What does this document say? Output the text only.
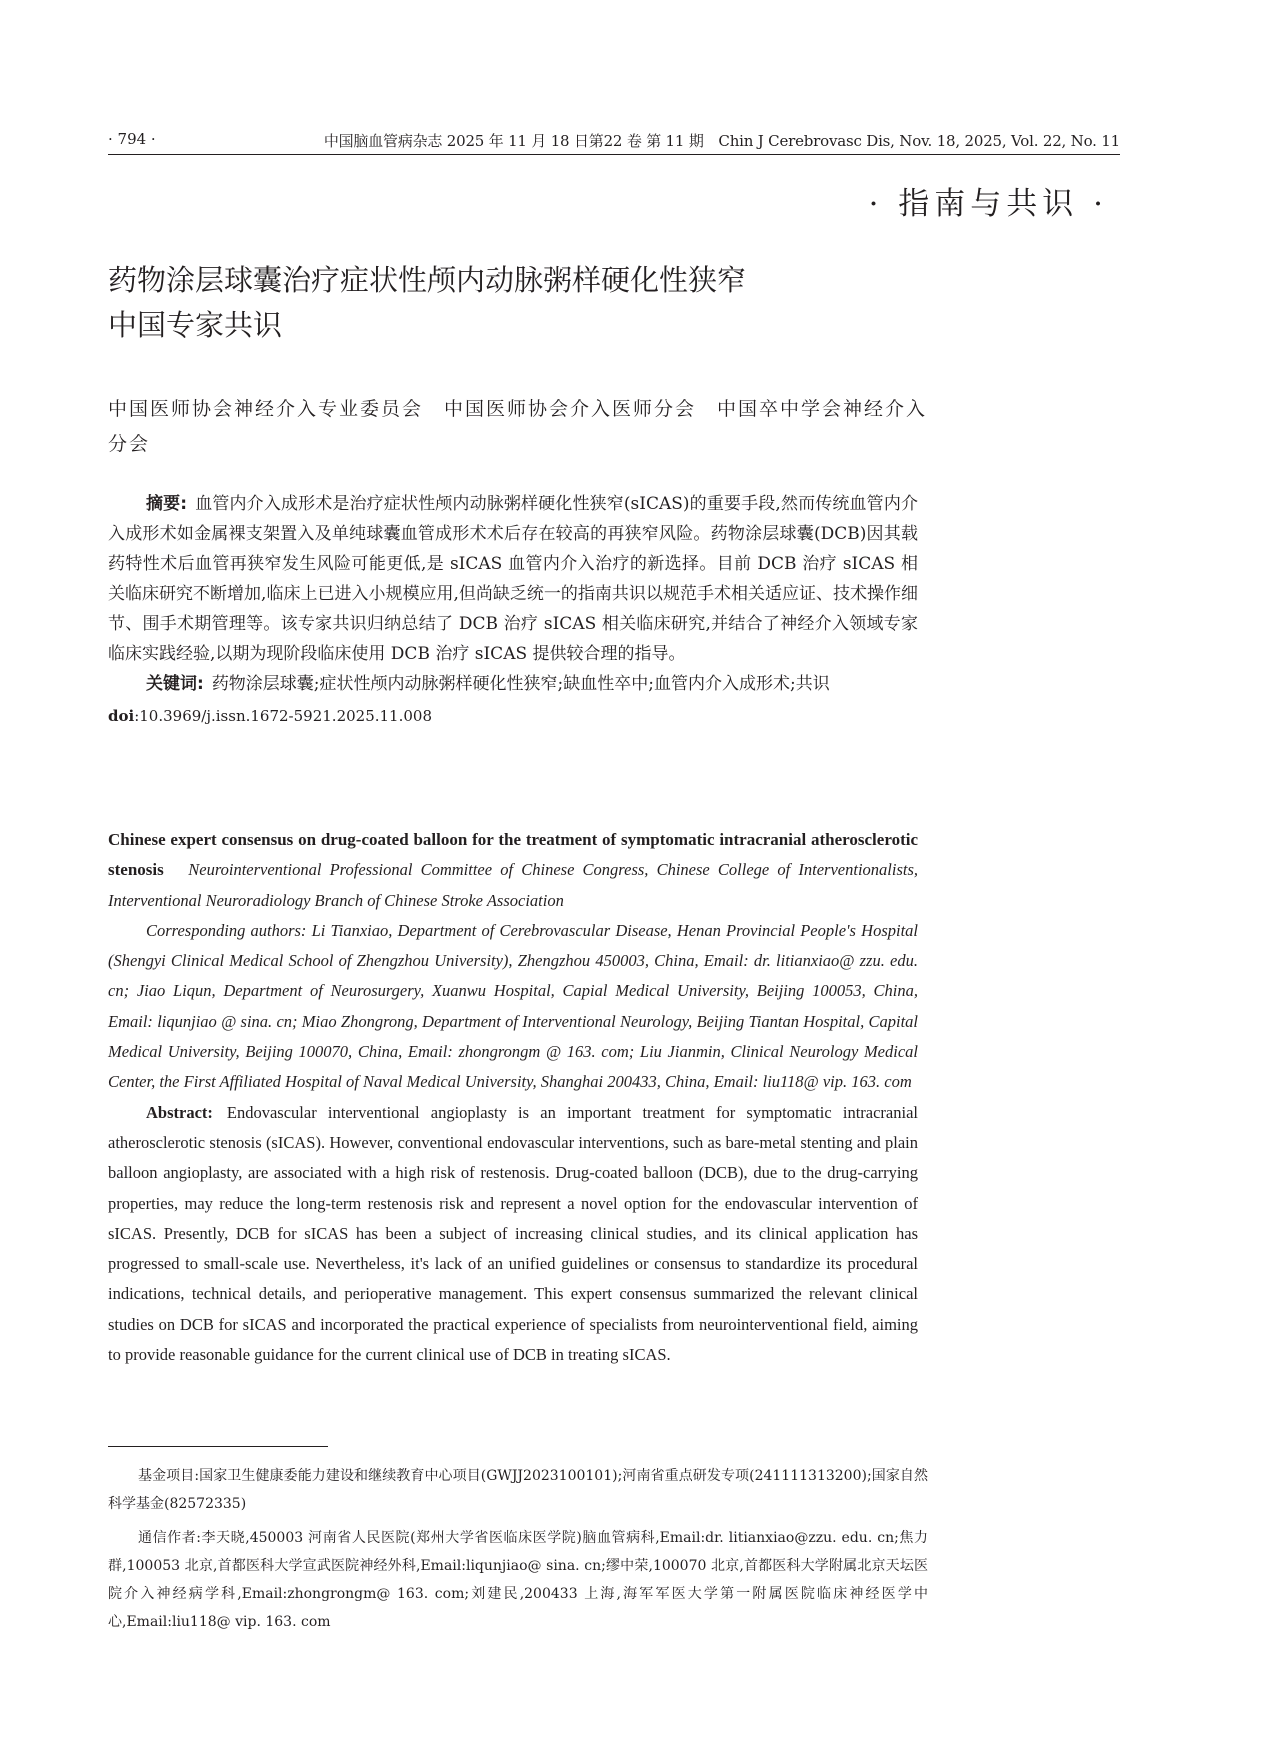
· 794 ·	中国脑血管病杂志 2025 年 11 月 18 日第22 卷 第 11 期　Chin J Cerebrovasc Dis, Nov. 18, 2025, Vol. 22, No. 11
· 指南与共识 ·
药物涂层球囊治疗症状性颅内动脉粥样硬化性狭窄
中国专家共识
中国医师协会神经介入专业委员会　中国医师协会介入医师分会　中国卒中学会神经介入分会

摘要: 血管内介入成形术是治疗症状性颅内动脉粥样硬化性狭窄(sICAS)的重要手段,然而传统血管内介入成形术如金属裸支架置入及单纯球囊血管成形术术后存在较高的再狭窄风险。药物涂层球囊(DCB)因其载药特性术后血管再狭窄发生风险可能更低,是 sICAS 血管内介入治疗的新选择。目前 DCB 治疗 sICAS 相关临床研究不断增加,临床上已进入小规模应用,但尚缺乏统一的指南共识以规范手术相关适应证、技术操作细节、围手术期管理等。该专家共识归纳总结了 DCB 治疗 sICAS 相关临床研究,并结合了神经介入领域专家临床实践经验,以期为现阶段临床使用 DCB 治疗 sICAS 提供较合理的指导。

关键词: 药物涂层球囊;症状性颅内动脉粥样硬化性狭窄;缺血性卒中;血管内介入成形术;共识

doi:10.3969/j.issn.1672-5921.2025.11.008

Chinese expert consensus on drug-coated balloon for the treatment of symptomatic intracranial atherosclerotic stenosis Neurointerventional Professional Committee of Chinese Congress, Chinese College of Interventionalists, Interventional Neuroradiology Branch of Chinese Stroke Association

Corresponding authors: Li Tianxiao, Department of Cerebrovascular Disease, Henan Provincial People's Hospital (Shengyi Clinical Medical School of Zhengzhou University), Zhengzhou 450003, China, Email: dr. litianxiao@ zzu. edu. cn; Jiao Liqun, Department of Neurosurgery, Xuanwu Hospital, Capial Medical University, Beijing 100053, China, Email: liqunjiao @ sina. cn; Miao Zhongrong, Department of Interventional Neurology, Beijing Tiantan Hospital, Capital Medical University, Beijing 100070, China, Email: zhongrongm @ 163. com; Liu Jianmin, Clinical Neurology Medical Center, the First Affiliated Hospital of Naval Medical University, Shanghai 200433, China, Email: liu118@ vip. 163. com

Abstract: Endovascular interventional angioplasty is an important treatment for symptomatic intracranial atherosclerotic stenosis (sICAS). However, conventional endovascular interventions, such as bare-metal stenting and plain balloon angioplasty, are associated with a high risk of restenosis. Drug-coated balloon (DCB), due to the drug-carrying properties, may reduce the long-term restenosis risk and represent a novel option for the endovascular intervention of sICAS. Presently, DCB for sICAS has been a subject of increasing clinical studies, and its clinical application has progressed to small-scale use. Nevertheless, it's lack of an unified guidelines or consensus to standardize its procedural indications, technical details, and perioperative management. This expert consensus summarized the relevant clinical studies on DCB for sICAS and incorporated the practical experience of specialists from neurointerventional field, aiming to provide reasonable guidance for the current clinical use of DCB in treating sICAS.

基金项目:国家卫生健康委能力建设和继续教育中心项目(GWJJ2023100101);河南省重点研发专项(241111313200);国家自然科学基金(82572335)

通信作者:李天晓,450003 河南省人民医院(郑州大学省医临床医学院)脑血管病科,Email:dr. litianxiao@zzu. edu. cn;焦力群,100053 北京,首都医科大学宣武医院神经外科,Email:liqunjiao@ sina. cn;缪中荣,100070 北京,首都医科大学附属北京天坛医院介入神经病学科,Email:zhongrongm@ 163. com;刘建民,200433 上海,海军军医大学第一附属医院临床神经医学中心,Email:liu118@ vip. 163. com
